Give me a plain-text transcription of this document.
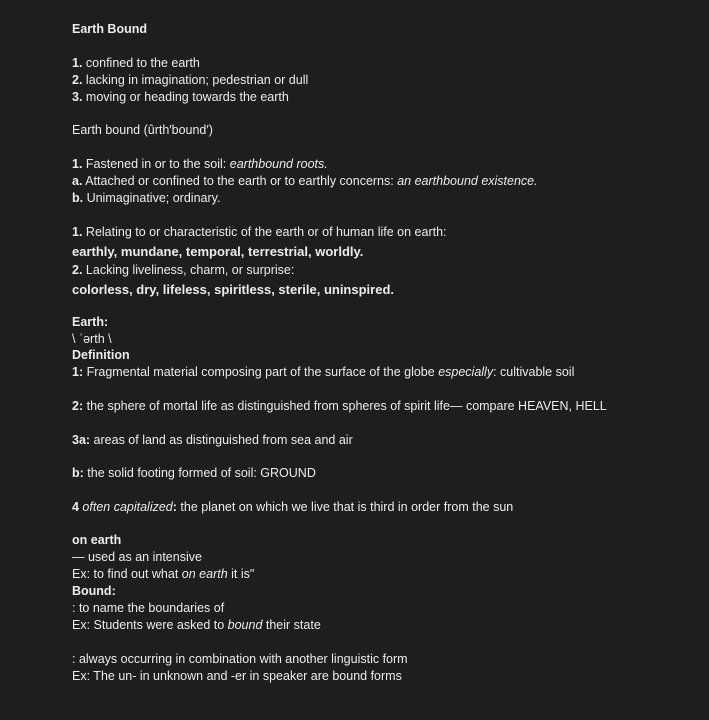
Earth Bound
1. confined to the earth
2. lacking in imagination; pedestrian or dull
3. moving or heading towards the earth
Earth bound (ûrth′bound′)
1. Fastened in or to the soil: earthbound roots.
a. Attached or confined to the earth or to earthly concerns: an earthbound existence.
b. Unimaginative; ordinary.
1. Relating to or characteristic of the earth or of human life on earth:
earthly, mundane, temporal, terrestrial, worldly.
2. Lacking liveliness, charm, or surprise:
colorless, dry, lifeless, spiritless, sterile, uninspired.
Earth:
\ ˈərth \
Definition
1: Fragmental material composing part of the surface of the globe especially: cultivable soil
2: the sphere of mortal life as distinguished from spheres of spirit life— compare HEAVEN, HELL
3a: areas of land as distinguished from sea and air
b: the solid footing formed of soil: GROUND
4 often capitalized: the planet on which we live that is third in order from the sun
on earth
— used as an intensive
Ex: to find out what on earth it is"
Bound:
: to name the boundaries of
Ex: Students were asked to bound their state
: always occurring in combination with another linguistic form
Ex: The un- in unknown and -er in speaker are bound forms
